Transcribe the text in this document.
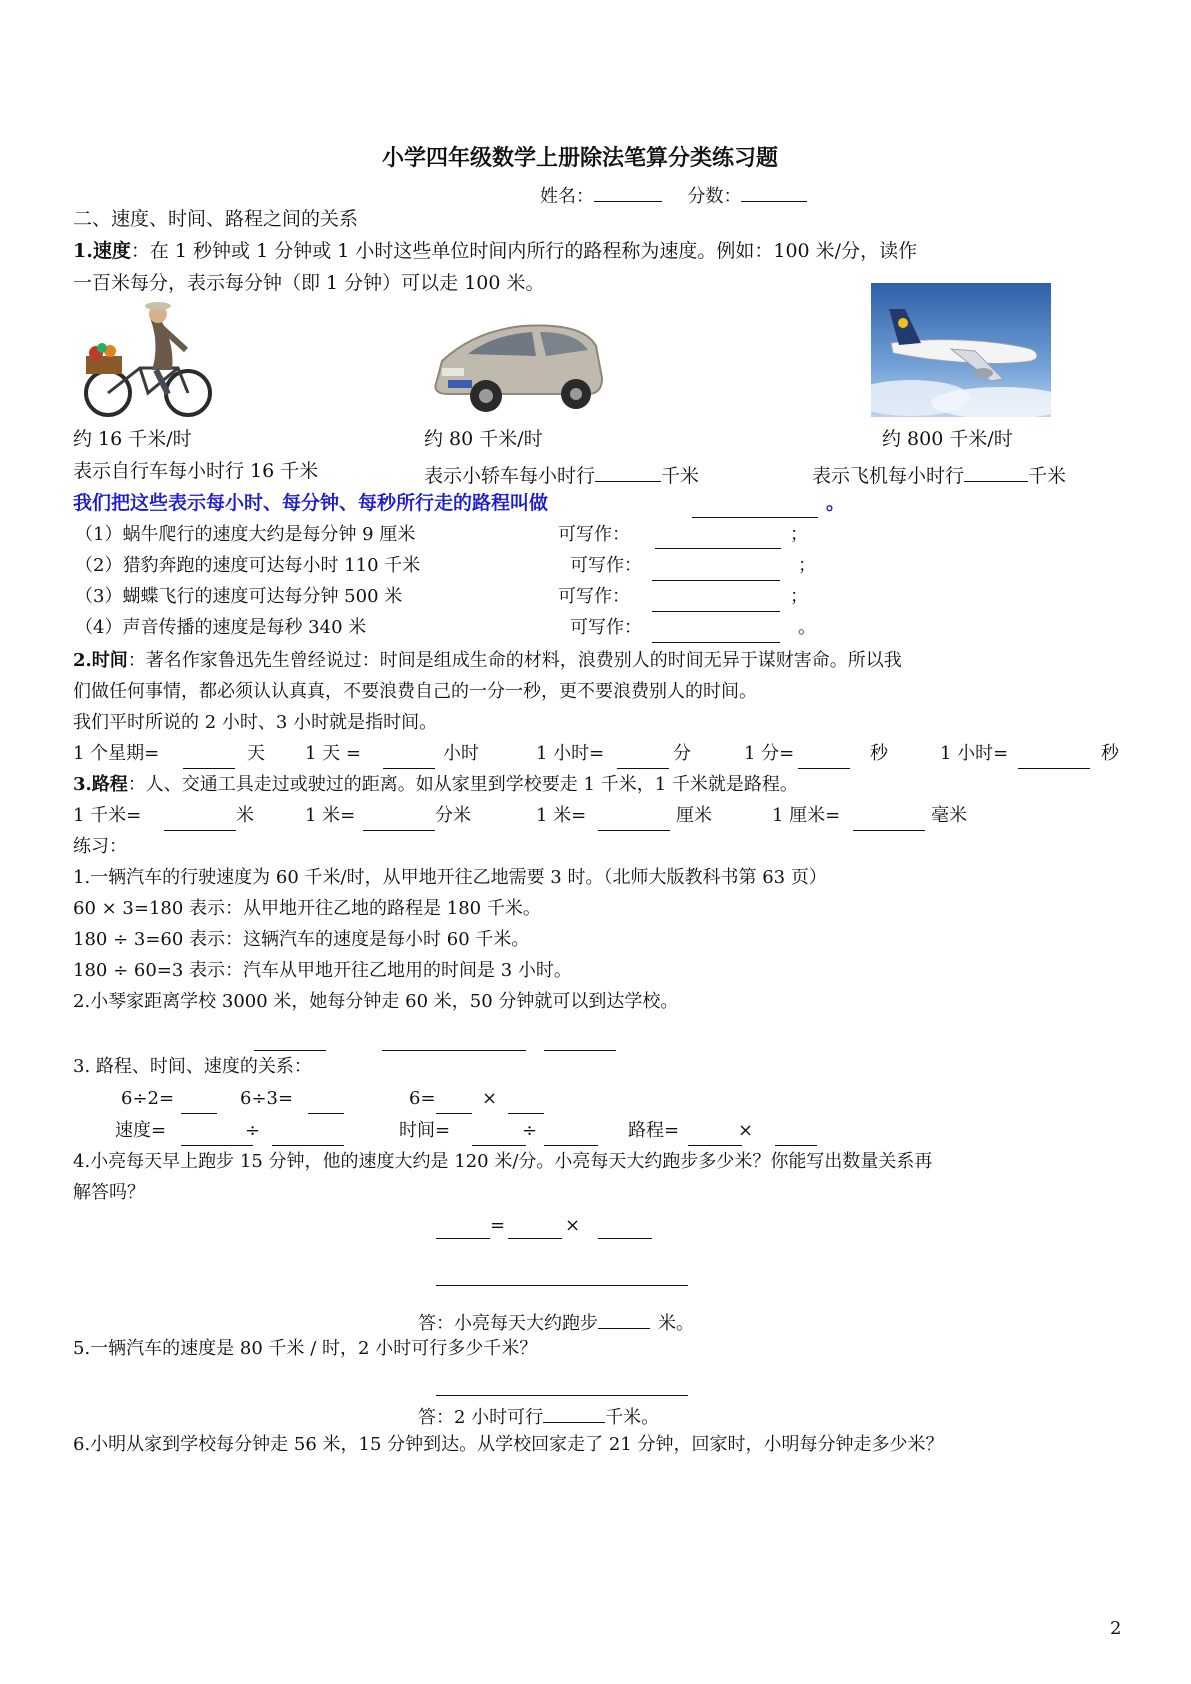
小学四年级数学上册除法笔算分类练习题
姓名：	分数：
二、速度、时间、路程之间的关系
1.速度：在 1 秒钟或 1 分钟或 1 小时这些单位时间内所行的路程称为速度。例如：100 米/分，读作
一百米每分，表示每分钟（即 1 分钟）可以走 100 米。
约 16 千米/时	约 80 千米/时	约 800 千米/时
表示自行车每小时行 16 千米	表示小轿车每小时行	千米	表示飞机每小时行	千米
我们把这些表示每小时、每分钟、每秒所行走的路程叫做	。
（1）蜗牛爬行的速度大约是每分钟 9 厘米	可写作：	；
（2）猎豹奔跑的速度可达每小时 110 千米	可写作：	；
（3）蝴蝶飞行的速度可达每分钟 500 米	可写作：	；
（4）声音传播的速度是每秒 340 米	可写作：	。
2.时间：著名作家鲁迅先生曾经说过：时间是组成生命的材料，浪费别人的时间无异于谋财害命。所以我
们做任何事情，都必须认认真真，不要浪费自己的一分一秒，更不要浪费别人的时间。
我们平时所说的 2 小时、3 小时就是指时间。
1 个星期=	天 1 天 =	小时	1 小时=	分	1 分=	秒	1 小时=	秒
3.路程：人、交通工具走过或驶过的距离。如从家里到学校要走 1 千米，1 千米就是路程。
1 千米=	米	1 米=	分米	1 米=	厘米	1 厘米=	毫米
练习：
1.一辆汽车的行驶速度为 60 千米/时，从甲地开往乙地需要 3 时。（北师大版教科书第 63 页）
60 × 3=180 表示：从甲地开往乙地的路程是 180 千米。
180 ÷ 3=60 表示：这辆汽车的速度是每小时 60 千米。
180 ÷ 60=3 表示：汽车从甲地开往乙地用的时间是 3 小时。
2.小琴家距离学校 3000 米，她每分钟走 60 米，50 分钟就可以到达学校。
3. 路程、时间、速度的关系：
6÷2=	6÷3=	6=	×
速度=	÷	时间=	÷	路程=	×
4.小亮每天早上跑步 15 分钟，他的速度大约是 120 米/分。小亮每天大约跑步多少米？你能写出数量关系再
解答吗？
=	×
答：小亮每天大约跑步	米。
5.一辆汽车的速度是 80 千米 / 时，2 小时可行多少千米？
答：2 小时可行	千米。
6.小明从家到学校每分钟走 56 米，15 分钟到达。从学校回家走了 21 分钟，回家时，小明每分钟走多少米？
2
